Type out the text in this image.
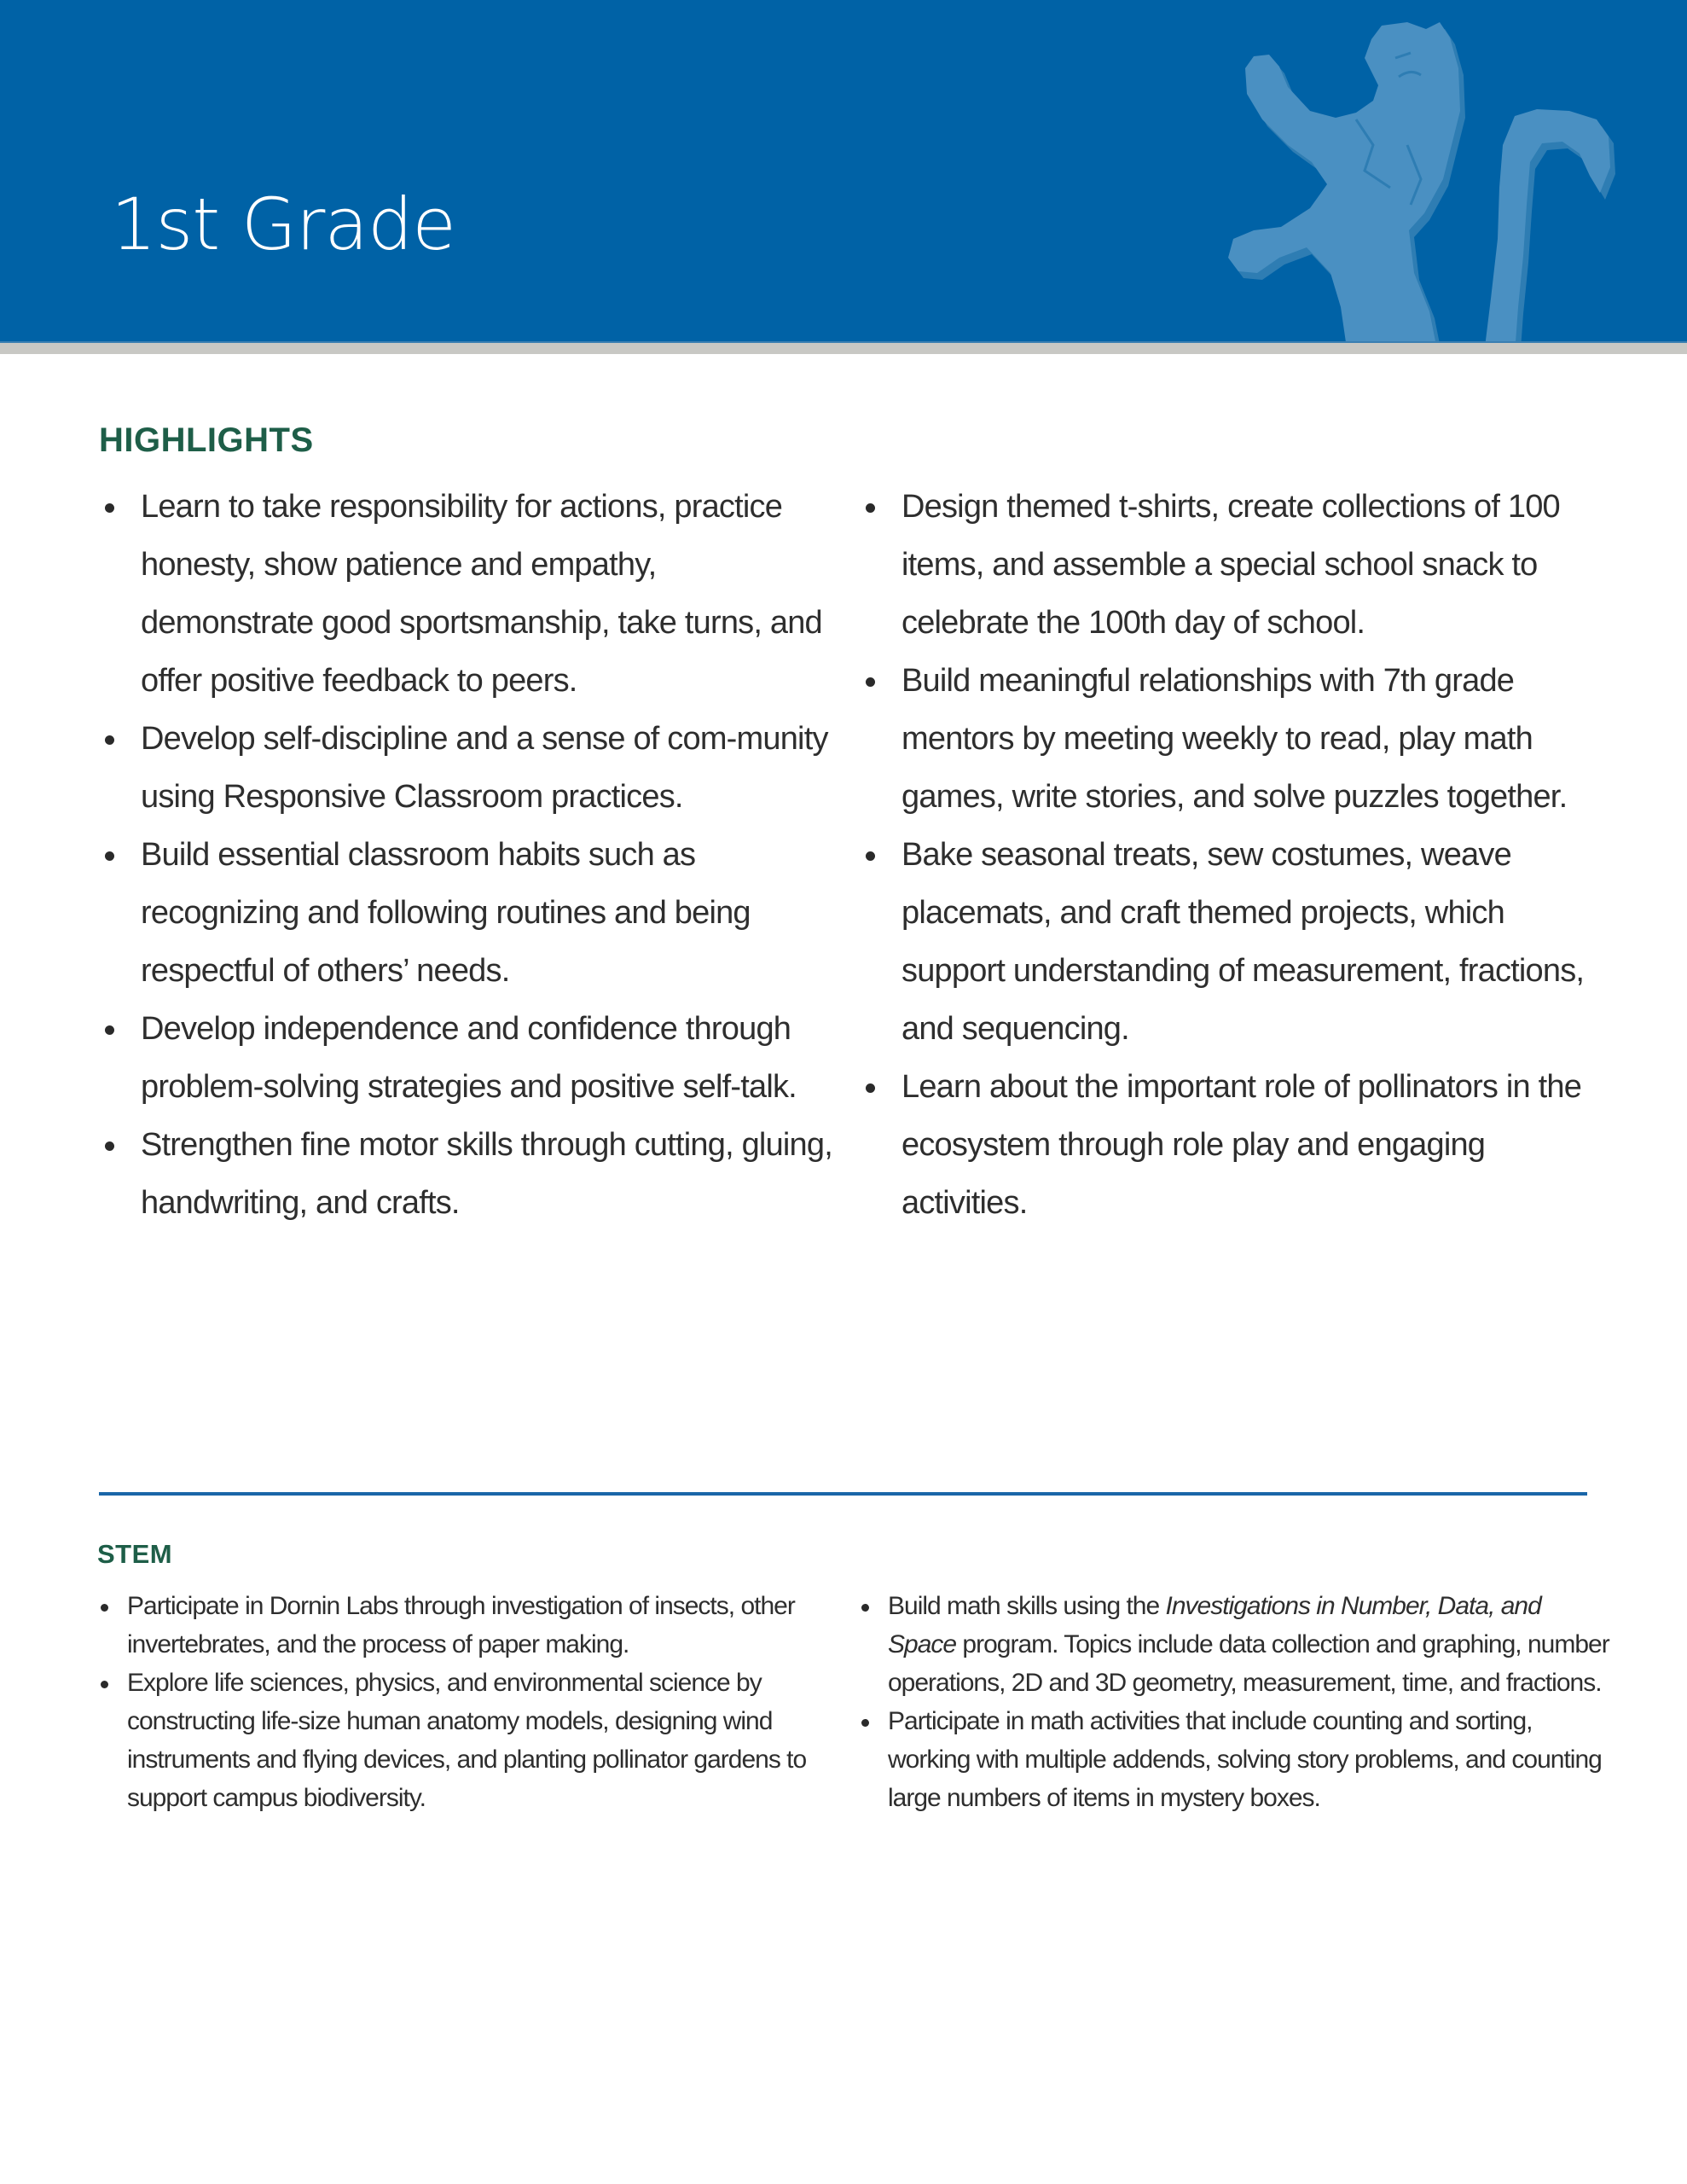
1st Grade
HIGHLIGHTS
Learn to take responsibility for actions, practice honesty, show patience and empathy, demonstrate good sportsmanship, take turns, and offer positive feedback to peers.
Develop self-discipline and a sense of com-munity using Responsive Classroom practices.
Build essential classroom habits such as recognizing and following routines and being respectful of others’ needs.
Develop independence and confidence through problem-solving strategies and positive self-talk.
Strengthen fine motor skills through cutting, gluing, handwriting, and crafts.
Design themed t-shirts, create collections of 100 items, and assemble a special school snack to celebrate the 100th day of school.
Build meaningful relationships with 7th grade mentors by meeting weekly to read, play math games, write stories, and solve puzzles together.
Bake seasonal treats, sew costumes, weave placemats, and craft themed projects, which support understanding of measurement, fractions, and sequencing.
Learn about the important role of pollinators in the ecosystem through role play and engaging activities.
STEM
Participate in Dornin Labs through investigation of insects, other invertebrates, and the process of paper making.
Explore life sciences, physics, and environmental science by constructing life-size human anatomy models, designing wind instruments and flying devices, and planting pollinator gardens to support campus biodiversity.
Build math skills using the Investigations in Number, Data, and Space program. Topics include data collection and graphing, number operations, 2D and 3D geometry, measurement, time, and fractions.
Participate in math activities that include counting and sorting, working with multiple addends, solving story problems, and counting large numbers of items in mystery boxes.
